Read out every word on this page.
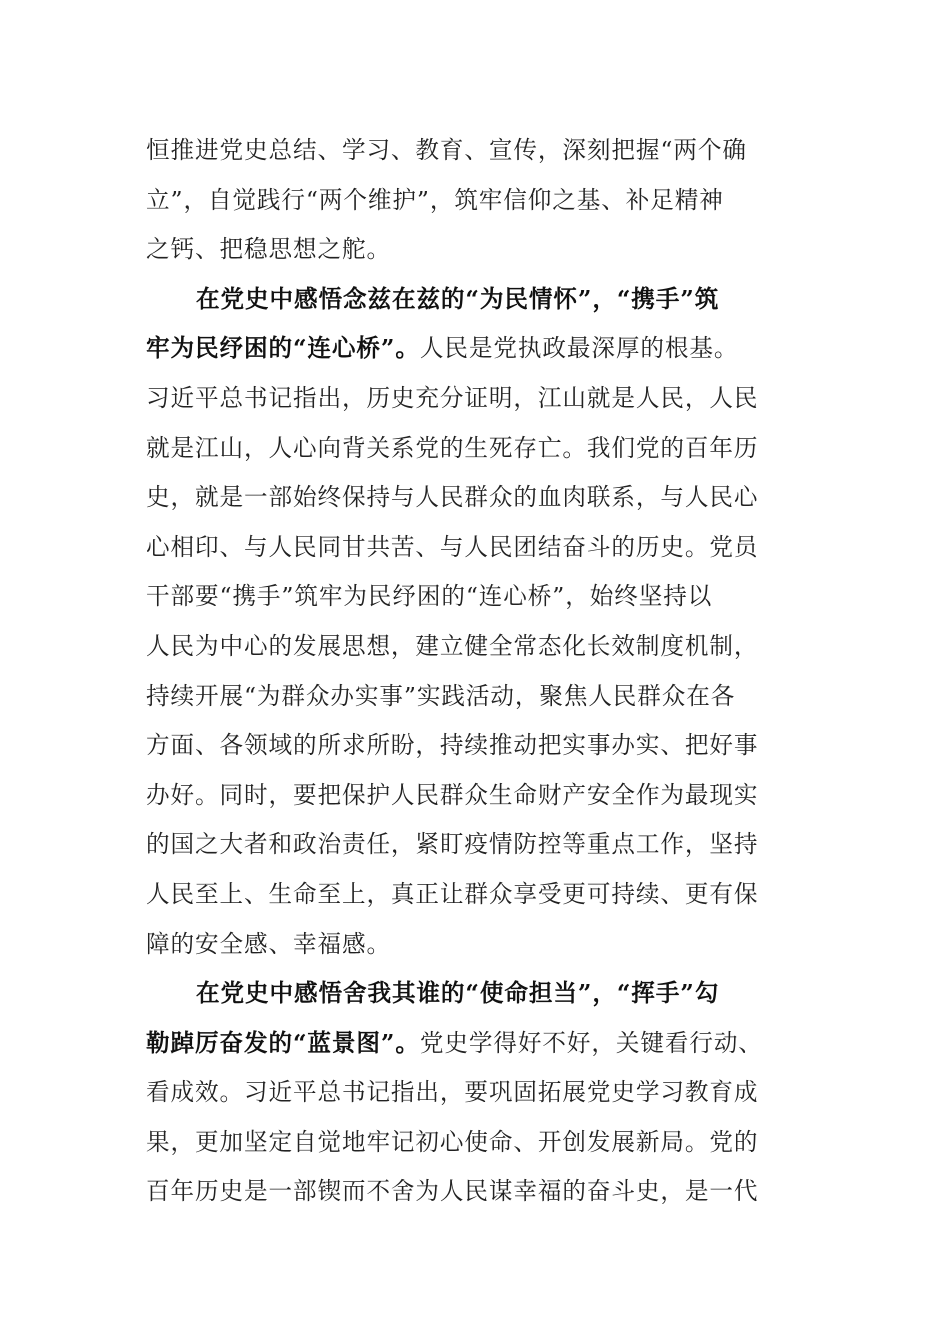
恒推进党史总结、学习、教育、宣传，深刻把握“两个确
立”，自觉践行“两个维护”，筑牢信仰之基、补足精神
之钙、把稳思想之舵。
在党史中感悟念兹在兹的“为民情怀”，“携手”筑
牢为民纾困的“连心桥”。人民是党执政最深厚的根基。
习近平总书记指出，历史充分证明，江山就是人民，人民
就是江山，人心向背关系党的生死存亡。我们党的百年历
史，就是一部始终保持与人民群众的血肉联系，与人民心
心相印、与人民同甘共苦、与人民团结奋斗的历史。党员
干部要“携手”筑牢为民纾困的“连心桥”，始终坚持以
人民为中心的发展思想，建立健全常态化长效制度机制，
持续开展“为群众办实事”实践活动，聚焦人民群众在各
方面、各领域的所求所盼，持续推动把实事办实、把好事
办好。同时，要把保护人民群众生命财产安全作为最现实
的国之大者和政治责任，紧盯疫情防控等重点工作，坚持
人民至上、生命至上，真正让群众享受更可持续、更有保
障的安全感、幸福感。
在党史中感悟舍我其谁的“使命担当”，“挥手”勾
勒踔厉奋发的“蓝景图”。党史学得好不好，关键看行动、
看成效。习近平总书记指出，要巩固拓展党史学习教育成
果，更加坚定自觉地牢记初心使命、开创发展新局。党的
百年历史是一部锲而不舍为人民谋幸福的奋斗史，是一代
